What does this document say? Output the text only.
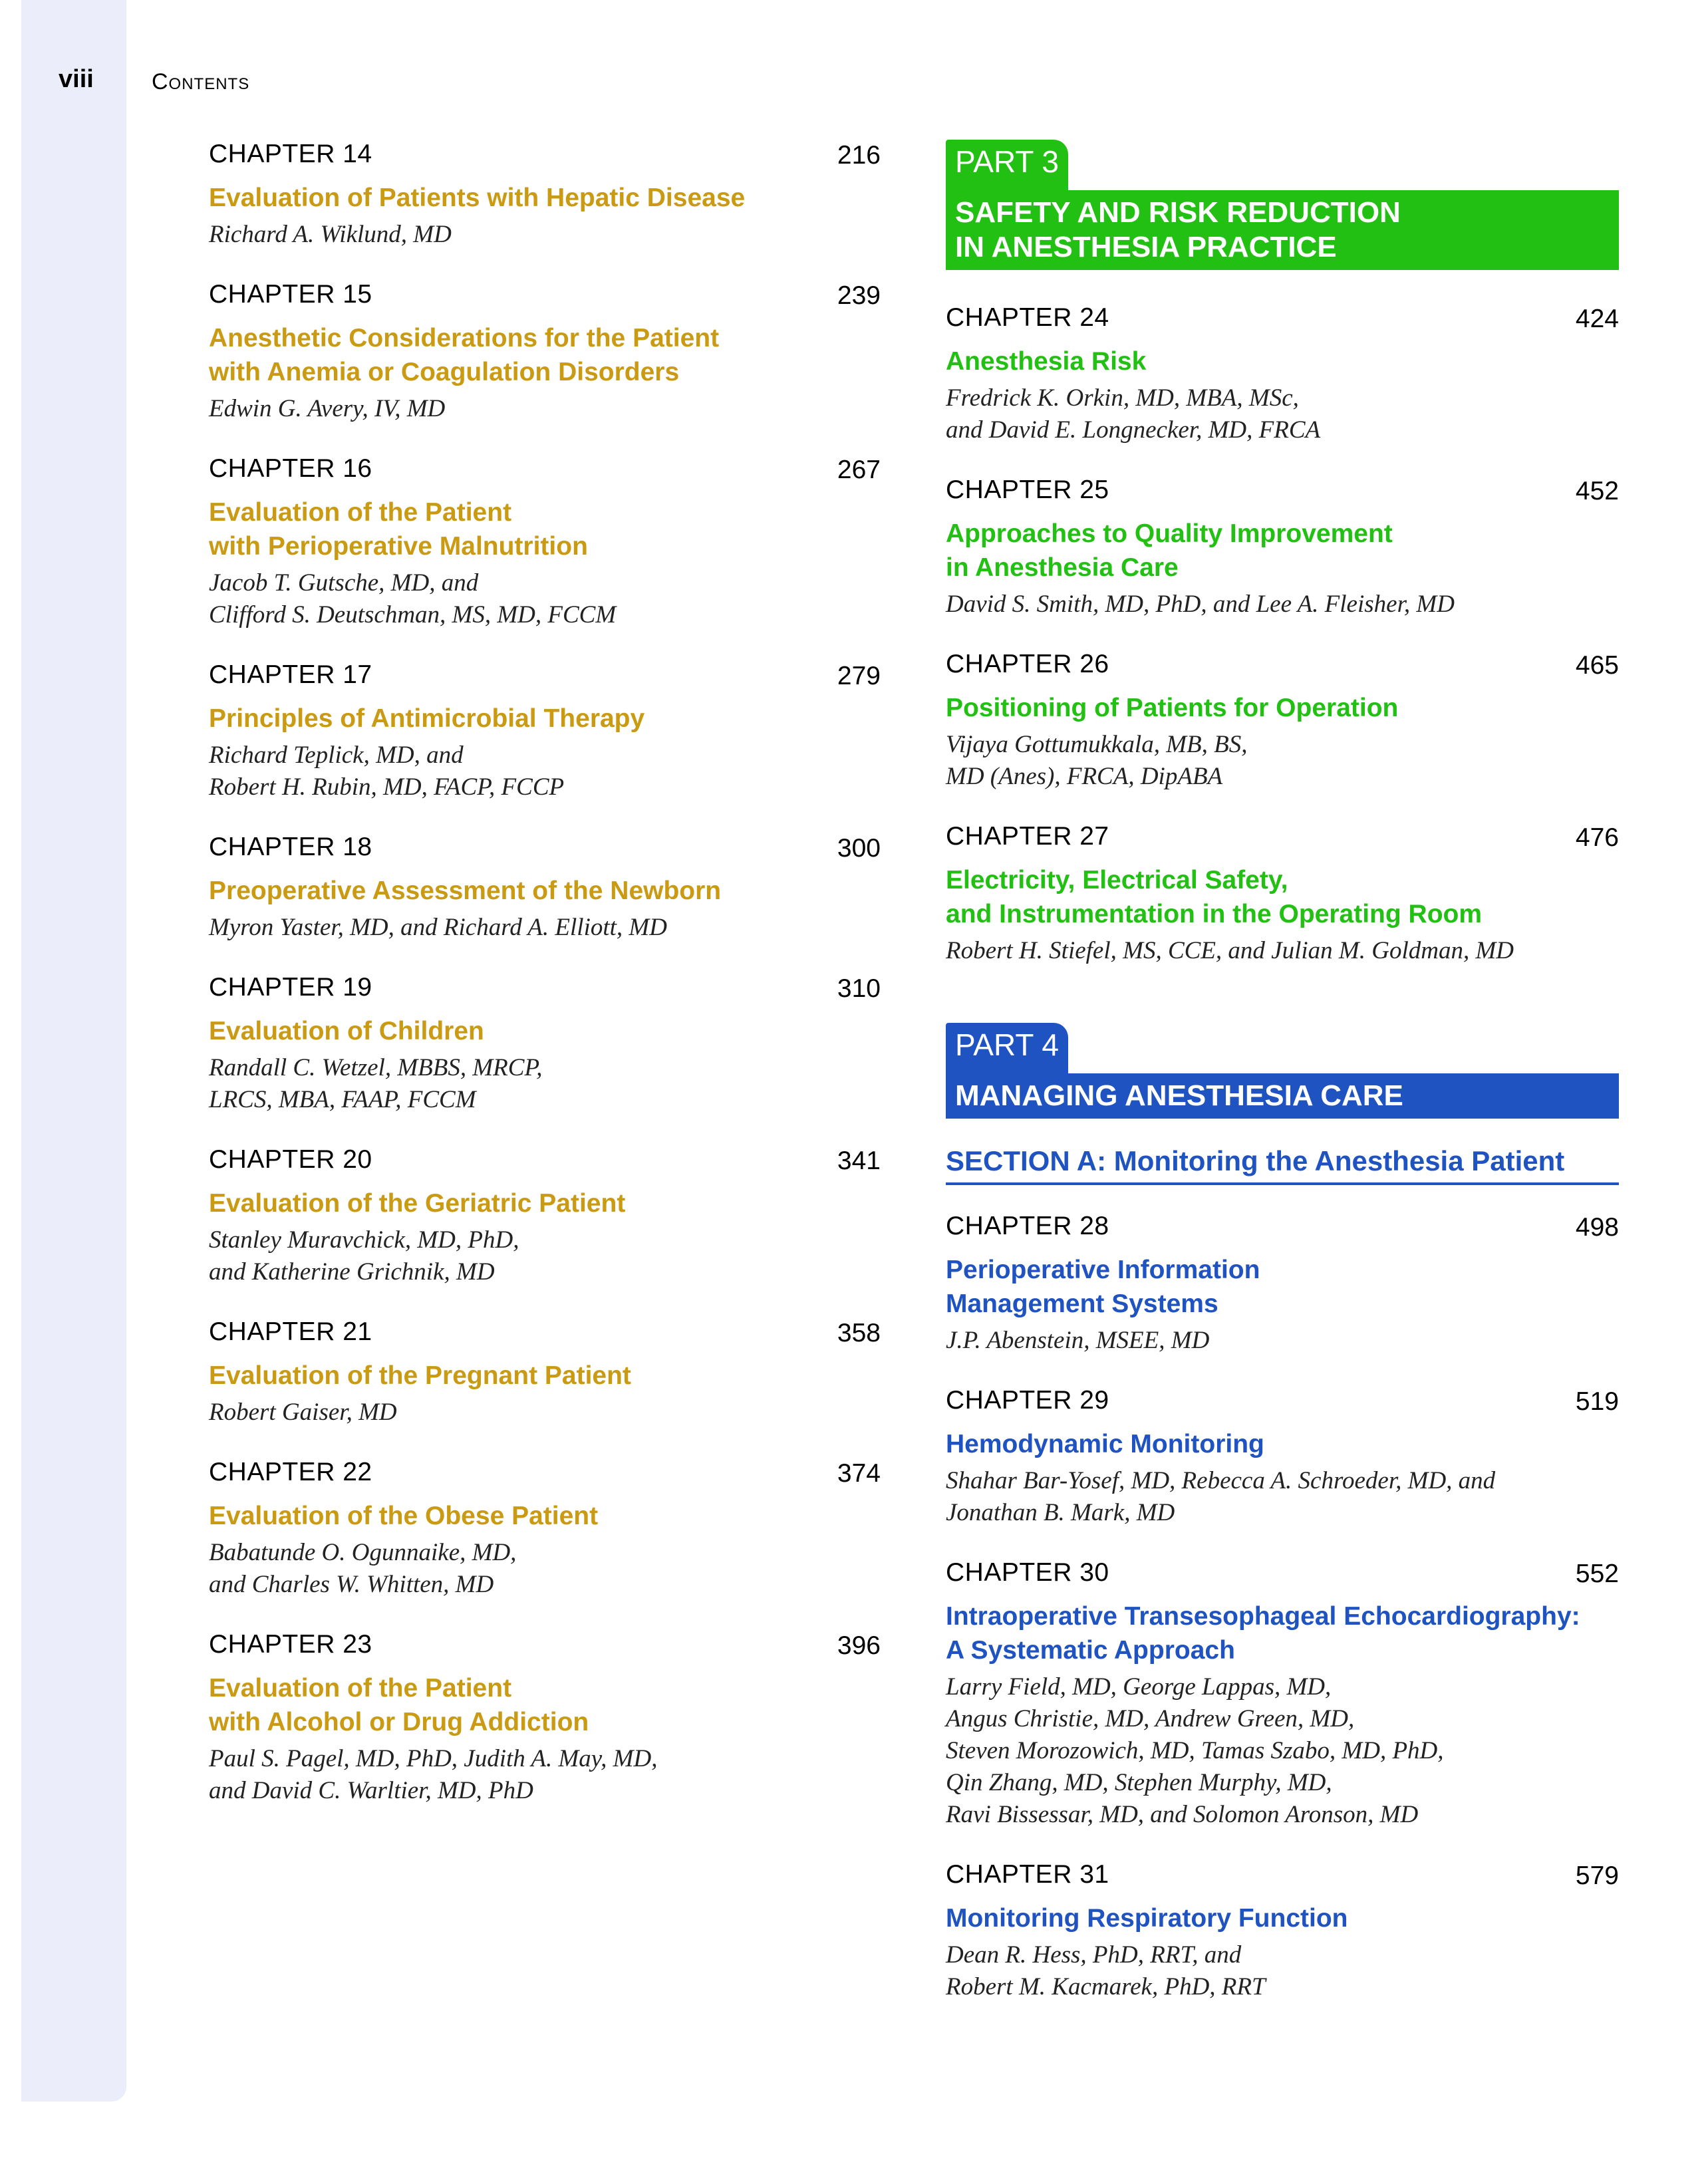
viii	Contents
CHAPTER 14	216
Evaluation of Patients with Hepatic Disease
Richard A. Wiklund, MD
CHAPTER 15	239
Anesthetic Considerations for the Patient
with Anemia or Coagulation Disorders
Edwin G. Avery, IV, MD
CHAPTER 16	267
Evaluation of the Patient
with Perioperative Malnutrition
Jacob T. Gutsche, MD, and
Clifford S. Deutschman, MS, MD, FCCM
CHAPTER 17	279
Principles of Antimicrobial Therapy
Richard Teplick, MD, and
Robert H. Rubin, MD, FACP, FCCP
CHAPTER 18	300
Preoperative Assessment of the Newborn
Myron Yaster, MD, and Richard A. Elliott, MD
CHAPTER 19	310
Evaluation of Children
Randall C. Wetzel, MBBS, MRCP,
LRCS, MBA, FAAP, FCCM
CHAPTER 20	341
Evaluation of the Geriatric Patient
Stanley Muravchick, MD, PhD,
and Katherine Grichnik, MD
CHAPTER 21	358
Evaluation of the Pregnant Patient
Robert Gaiser, MD
CHAPTER 22	374
Evaluation of the Obese Patient
Babatunde O. Ogunnaike, MD,
and Charles W. Whitten, MD
CHAPTER 23	396
Evaluation of the Patient
with Alcohol or Drug Addiction
Paul S. Pagel, MD, PhD, Judith A. May, MD,
and David C. Warltier, MD, PhD
PART 3
SAFETY AND RISK REDUCTION
IN ANESTHESIA PRACTICE
CHAPTER 24	424
Anesthesia Risk
Fredrick K. Orkin, MD, MBA, MSc,
and David E. Longnecker, MD, FRCA
CHAPTER 25	452
Approaches to Quality Improvement
in Anesthesia Care
David S. Smith, MD, PhD, and Lee A. Fleisher, MD
CHAPTER 26	465
Positioning of Patients for Operation
Vijaya Gottumukkala, MB, BS,
MD (Anes), FRCA, DipABA
CHAPTER 27	476
Electricity, Electrical Safety,
and Instrumentation in the Operating Room
Robert H. Stiefel, MS, CCE, and Julian M. Goldman, MD
PART 4
MANAGING ANESTHESIA CARE
SECTION A: Monitoring the Anesthesia Patient
CHAPTER 28	498
Perioperative Information
Management Systems
J.P. Abenstein, MSEE, MD
CHAPTER 29	519
Hemodynamic Monitoring
Shahar Bar-Yosef, MD, Rebecca A. Schroeder, MD, and
Jonathan B. Mark, MD
CHAPTER 30	552
Intraoperative Transesophageal Echocardiography:
A Systematic Approach
Larry Field, MD, George Lappas, MD,
Angus Christie, MD, Andrew Green, MD,
Steven Morozowich, MD, Tamas Szabo, MD, PhD,
Qin Zhang, MD, Stephen Murphy, MD,
Ravi Bissessar, MD, and Solomon Aronson, MD
CHAPTER 31	579
Monitoring Respiratory Function
Dean R. Hess, PhD, RRT, and
Robert M. Kacmarek, PhD, RRT
